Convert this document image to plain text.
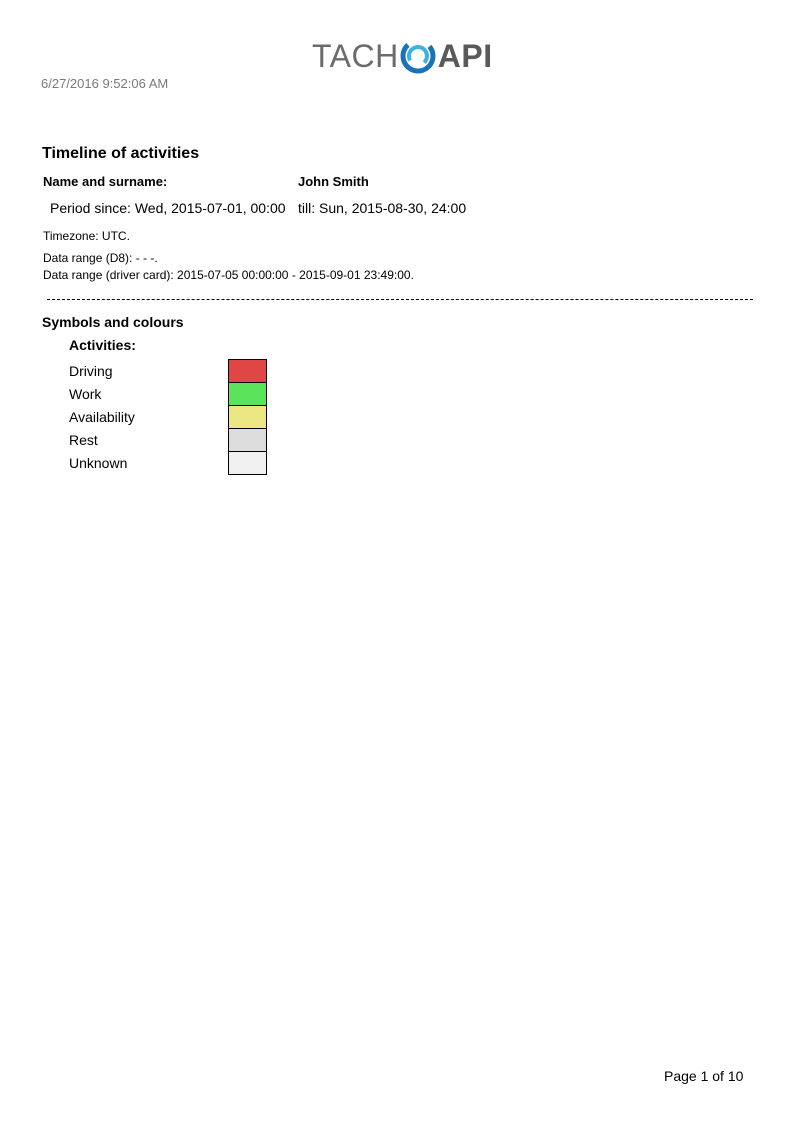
6/27/2016 9:52:06 AM
TACH API
Timeline of activities
Name and surname:	John Smith
Period since: Wed, 2015-07-01, 00:00 till: Sun, 2015-08-30, 24:00
Timezone: UTC.
Data range (D8): - - -.
Data range (driver card): 2015-07-05 00:00:00 - 2015-09-01 23:49:00.
Symbols and colours
Activities:
Driving
Work
Availability
Rest
Unknown
Page 1 of 10
